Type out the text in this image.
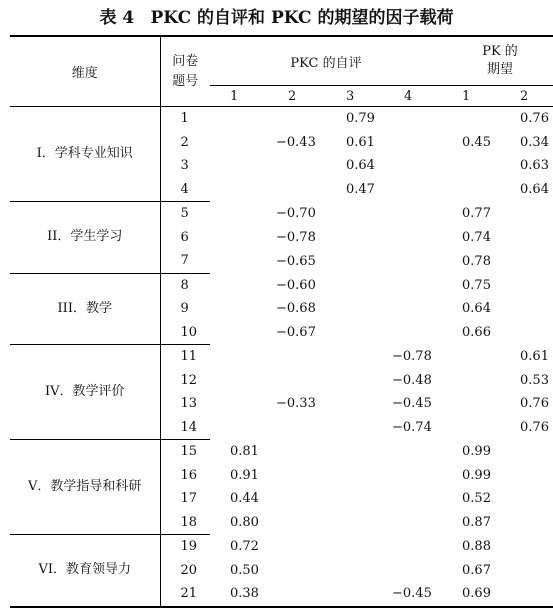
表 4 PKC 的自评和 PKC 的期望的因子载荷
维度	问卷
题号	PKC 的自评				PK 的
期望	
		1	2	3	4	1	2
I．学科专业知识	1			0.79			0.76
	2		−0.43	0.61		0.45	0.34
	3			0.64			0.63
	4			0.47			0.64
II．学生学习	5		−0.70			0.77	
	6		−0.78			0.74	
	7		−0.65			0.78	
III．教学	8		−0.60			0.75	
	9		−0.68			0.64	
	10		−0.67			0.66	
IV．教学评价	11				−0.78		0.61
	12				−0.48		0.53
	13		−0.33		−0.45		0.76
	14				−0.74		0.76
V．教学指导和科研	15	0.81				0.99	
	16	0.91				0.99	
	17	0.44				0.52	
	18	0.80				0.87	
VI．教育领导力	19	0.72				0.88	
	20	0.50				0.67	
	21	0.38			−0.45	0.69	
